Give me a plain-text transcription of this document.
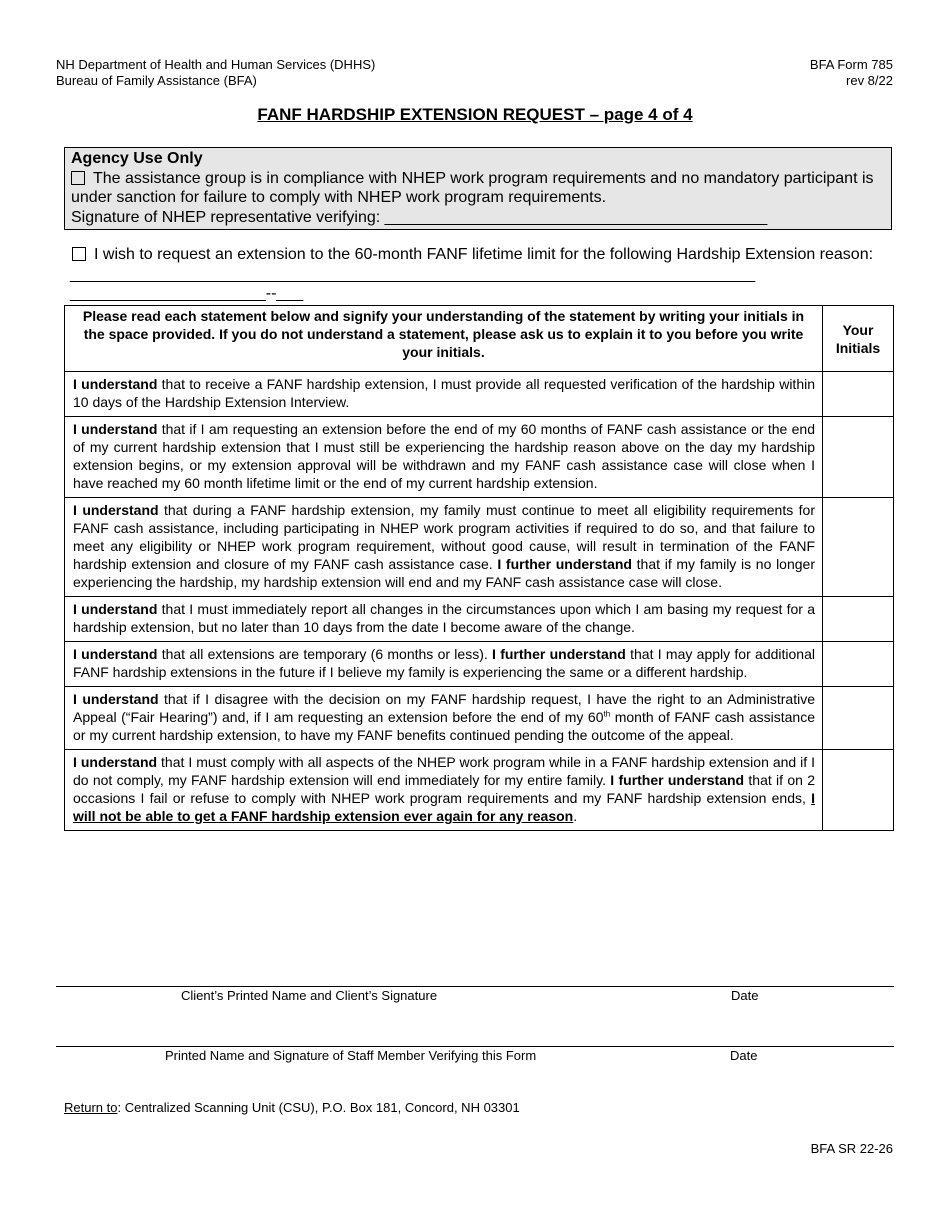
NH Department of Health and Human Services (DHHS)
Bureau of Family Assistance (BFA)
BFA Form 785
rev 8/22
FANF HARDSHIP EXTENSION REQUEST – page 4 of 4
Agency Use Only
The assistance group is in compliance with NHEP work program requirements and no mandatory participant is under sanction for failure to comply with NHEP work program requirements.
Signature of NHEP representative verifying: ___________________________________________
I wish to request an extension to the 60-month FANF lifetime limit for the following Hardship Extension reason: _____________________________________________________________________________ ______________________--___
Please read each statement below and signify your understanding of the statement by writing your initials in the space provided. If you do not understand a statement, please ask us to explain it to you before you write your initials.	Your Initials
I understand that to receive a FANF hardship extension, I must provide all requested verification of the hardship within 10 days of the Hardship Extension Interview.	
I understand that if I am requesting an extension before the end of my 60 months of FANF cash assistance or the end of my current hardship extension that I must still be experiencing the hardship reason above on the day my hardship extension begins, or my extension approval will be withdrawn and my FANF cash assistance case will close when I have reached my 60 month lifetime limit or the end of my current hardship extension.	
I understand that during a FANF hardship extension, my family must continue to meet all eligibility requirements for FANF cash assistance, including participating in NHEP work program activities if required to do so, and that failure to meet any eligibility or NHEP work program requirement, without good cause, will result in termination of the FANF hardship extension and closure of my FANF cash assistance case. I further understand that if my family is no longer experiencing the hardship, my hardship extension will end and my FANF cash assistance case will close.	
I understand that I must immediately report all changes in the circumstances upon which I am basing my request for a hardship extension, but no later than 10 days from the date I become aware of the change.	
I understand that all extensions are temporary (6 months or less). I further understand that I may apply for additional FANF hardship extensions in the future if I believe my family is experiencing the same or a different hardship.	
I understand that if I disagree with the decision on my FANF hardship request, I have the right to an Administrative Appeal (“Fair Hearing”) and, if I am requesting an extension before the end of my 60th month of FANF cash assistance or my current hardship extension, to have my FANF benefits continued pending the outcome of the appeal.	
I understand that I must comply with all aspects of the NHEP work program while in a FANF hardship extension and if I do not comply, my FANF hardship extension will end immediately for my entire family. I further understand that if on 2 occasions I fail or refuse to comply with NHEP work program requirements and my FANF hardship extension ends, I will not be able to get a FANF hardship extension ever again for any reason.	
Client’s Printed Name and Client’s Signature	Date
Printed Name and Signature of Staff Member Verifying this Form	Date
Return to: Centralized Scanning Unit (CSU), P.O. Box 181, Concord, NH 03301
BFA SR 22-26
